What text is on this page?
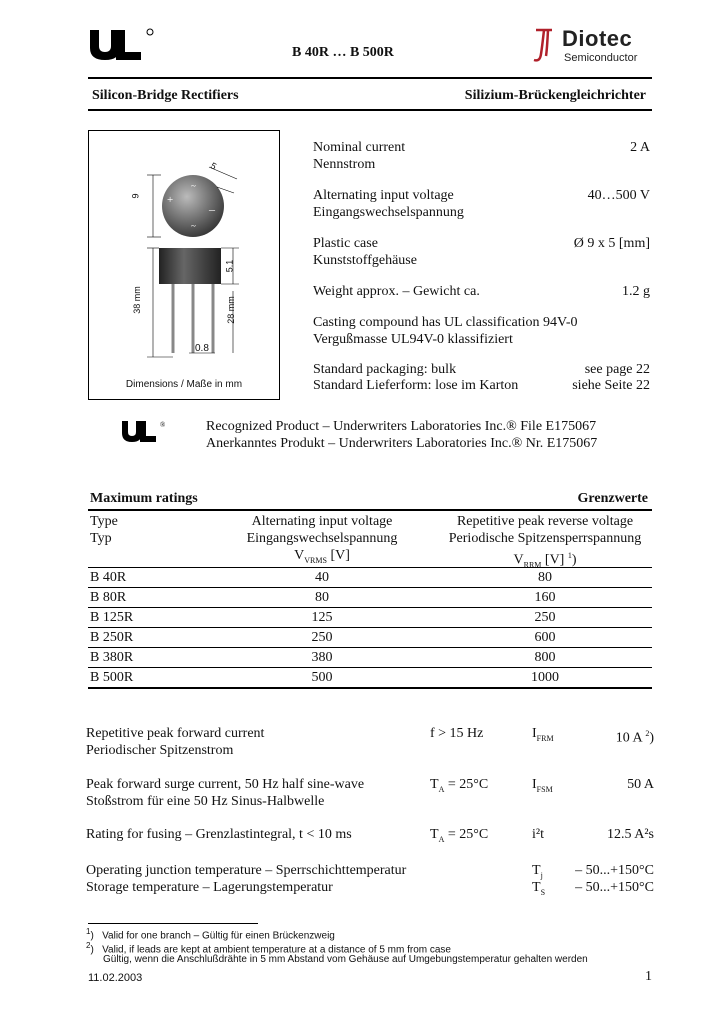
B 40R … B 500R
Diotec
Semiconductor
Silicon-Bridge Rectifiers	Silizium-Brückengleichrichter
+
–
~
~
9
5
5.1
38 mm	28 mm
0.8
Dimensions / Maße in mm
Nominal current
Nennstrom
2 A
Alternating input voltage
Eingangswechselspannung
40…500 V
Plastic case
Kunststoffgehäuse
Ø 9 x 5 [mm]
Weight approx. – Gewicht ca.	1.2 g
Casting compound has UL classification 94V-0
Vergußmasse UL94V-0 klassifiziert
Standard packaging: bulk
Standard Lieferform: lose im Karton
see page 22
siehe Seite 22
®	Recognized Product – Underwriters Laboratories Inc.® File E175067
Anerkanntes Produkt – Underwriters Laboratories Inc.® Nr. E175067
Maximum ratings	Grenzwerte
Type
Typ
Alternating input voltage
Eingangswechselspannung
$V_{VRMS}$ [V]
Repetitive peak reverse voltage
Periodische Spitzensperrspannung
$V_{RRM}$ [V] $^1$)
B 40R	40	80
B 80R	80	160
B 125R	125	250
B 250R	250	600
B 380R	380	800
B 500R	500	1000
Repetitive peak forward current
Periodischer Spitzenstrom
f > 15 Hz	$I_{FRM}$	10 A $^2$)
Peak forward surge current, 50 Hz half sine-wave
Stoßstrom für eine 50 Hz Sinus-Halbwelle
$T_A = 25^\circ C$	$I_{FSM}$	50 A
Rating for fusing – Grenzlastintegral, t < 10 ms	$T_A = 25^\circ C$	i²t	12.5 A²s
Operating junction temperature – Sperrschichttemperatur	$T_j$	– 50...+150°C
Storage temperature – Lagerungstemperatur	$T_S$	– 50...+150°C
$^1$)   Valid for one branch – Gültig für einen Brückenzweig
$^2$)   Valid, if leads are kept at ambient temperature at a distance of 5 mm from case
Gültig, wenn die Anschlußdrähte in 5 mm Abstand vom Gehäuse auf Umgebungstemperatur gehalten werden
11.02.2003	1
